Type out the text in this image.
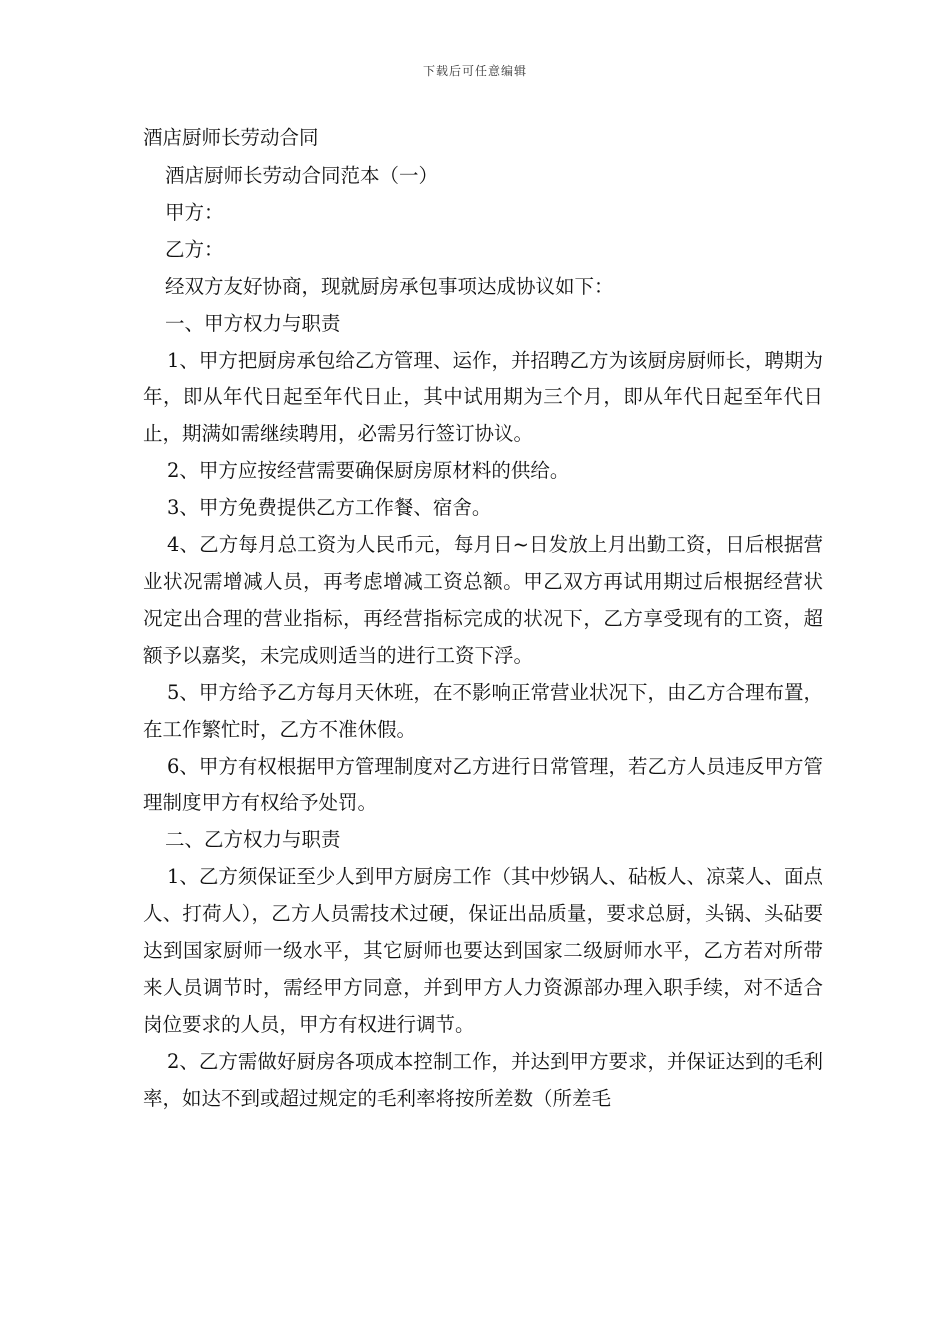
下载后可任意编辑

酒店厨师长劳动合同

酒店厨师长劳动合同范本（一）

甲方：

乙方：

经双方友好协商，现就厨房承包事项达成协议如下：

一、甲方权力与职责

1、甲方把厨房承包给乙方管理、运作，并招聘乙方为该厨房厨师长，聘期为年，即从年代日起至年代日止，其中试用期为三个月，即从年代日起至年代日止，期满如需继续聘用，必需另行签订协议。

2、甲方应按经营需要确保厨房原材料的供给。

3、甲方免费提供乙方工作餐、宿舍。

4、乙方每月总工资为人民币元，每月日~日发放上月出勤工资，日后根据营业状况需增减人员，再考虑增减工资总额。甲乙双方再试用期过后根据经营状况定出合理的营业指标，再经营指标完成的状况下，乙方享受现有的工资，超额予以嘉奖，未完成则适当的进行工资下浮。

5、甲方给予乙方每月天休班，在不影响正常营业状况下，由乙方合理布置，在工作繁忙时，乙方不准休假。

6、甲方有权根据甲方管理制度对乙方进行日常管理，若乙方人员违反甲方管理制度甲方有权给予处罚。

二、乙方权力与职责

1、乙方须保证至少人到甲方厨房工作（其中炒锅人、砧板人、凉菜人、面点人、打荷人），乙方人员需技术过硬，保证出品质量，要求总厨，头锅、头砧要达到国家厨师一级水平，其它厨师也要达到国家二级厨师水平，乙方若对所带来人员调节时，需经甲方同意，并到甲方人力资源部办理入职手续，对不适合岗位要求的人员，甲方有权进行调节。

2、乙方需做好厨房各项成本控制工作，并达到甲方要求，并保证达到的毛利率，如达不到或超过规定的毛利率将按所差数（所差毛
